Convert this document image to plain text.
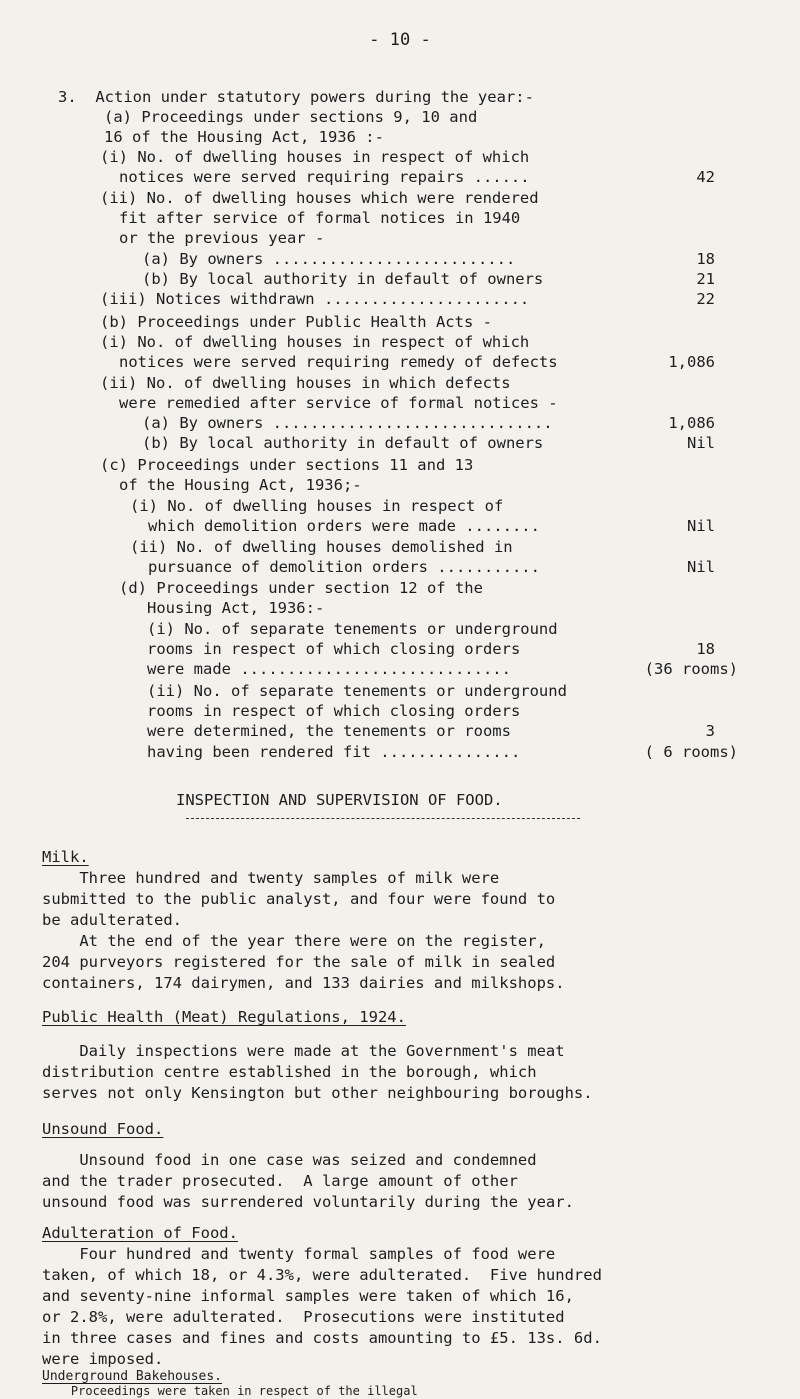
- 10 -
3.  Action under statutory powers during the year:-
(a) Proceedings under sections 9, 10 and
16 of the Housing Act, 1936 :-
(i) No. of dwelling houses in respect of which
notices were served requiring repairs ......	42
(ii) No. of dwelling houses which were rendered
fit after service of formal notices in 1940
or the previous year -
(a) By owners ..........................	18
(b) By local authority in default of owners	21
(iii) Notices withdrawn ......................	22
(b) Proceedings under Public Health Acts -
(i) No. of dwelling houses in respect of which
notices were served requiring remedy of defects	1,086
(ii) No. of dwelling houses in which defects
were remedied after service of formal notices -
(a) By owners ..............................	1,086
(b) By local authority in default of owners	Nil
(c) Proceedings under sections 11 and 13
of the Housing Act, 1936;-
(i) No. of dwelling houses in respect of
which demolition orders were made ........	Nil
(ii) No. of dwelling houses demolished in
pursuance of demolition orders ...........	Nil
(d) Proceedings under section 12 of the
Housing Act, 1936:-
(i) No. of separate tenements or underground
rooms in respect of which closing orders	18
were made .............................	(36 rooms)
(ii) No. of separate tenements or underground
rooms in respect of which closing orders
were determined, the tenements or rooms	3
having been rendered fit ...............	( 6 rooms)
INSPECTION AND SUPERVISION OF FOOD.
Milk.
Three hundred and twenty samples of milk were
submitted to the public analyst, and four were found to
be adulterated.
At the end of the year there were on the register,
204 purveyors registered for the sale of milk in sealed
containers, 174 dairymen, and 133 dairies and milkshops.
Public Health (Meat) Regulations, 1924.
Daily inspections were made at the Government's meat
distribution centre established in the borough, which
serves not only Kensington but other neighbouring boroughs.
Unsound Food.
Unsound food in one case was seized and condemned
and the trader prosecuted.  A large amount of other
unsound food was surrendered voluntarily during the year.
Adulteration of Food.
Four hundred and twenty formal samples of food were
taken, of which 18, or 4.3%, were adulterated.  Five hundred
and seventy-nine informal samples were taken of which 16,
or 2.8%, were adulterated.  Prosecutions were instituted
in three cases and fines and costs amounting to £5. 13s. 6d.
were imposed.
Underground Bakehouses.
Proceedings were taken in respect of the illegal
